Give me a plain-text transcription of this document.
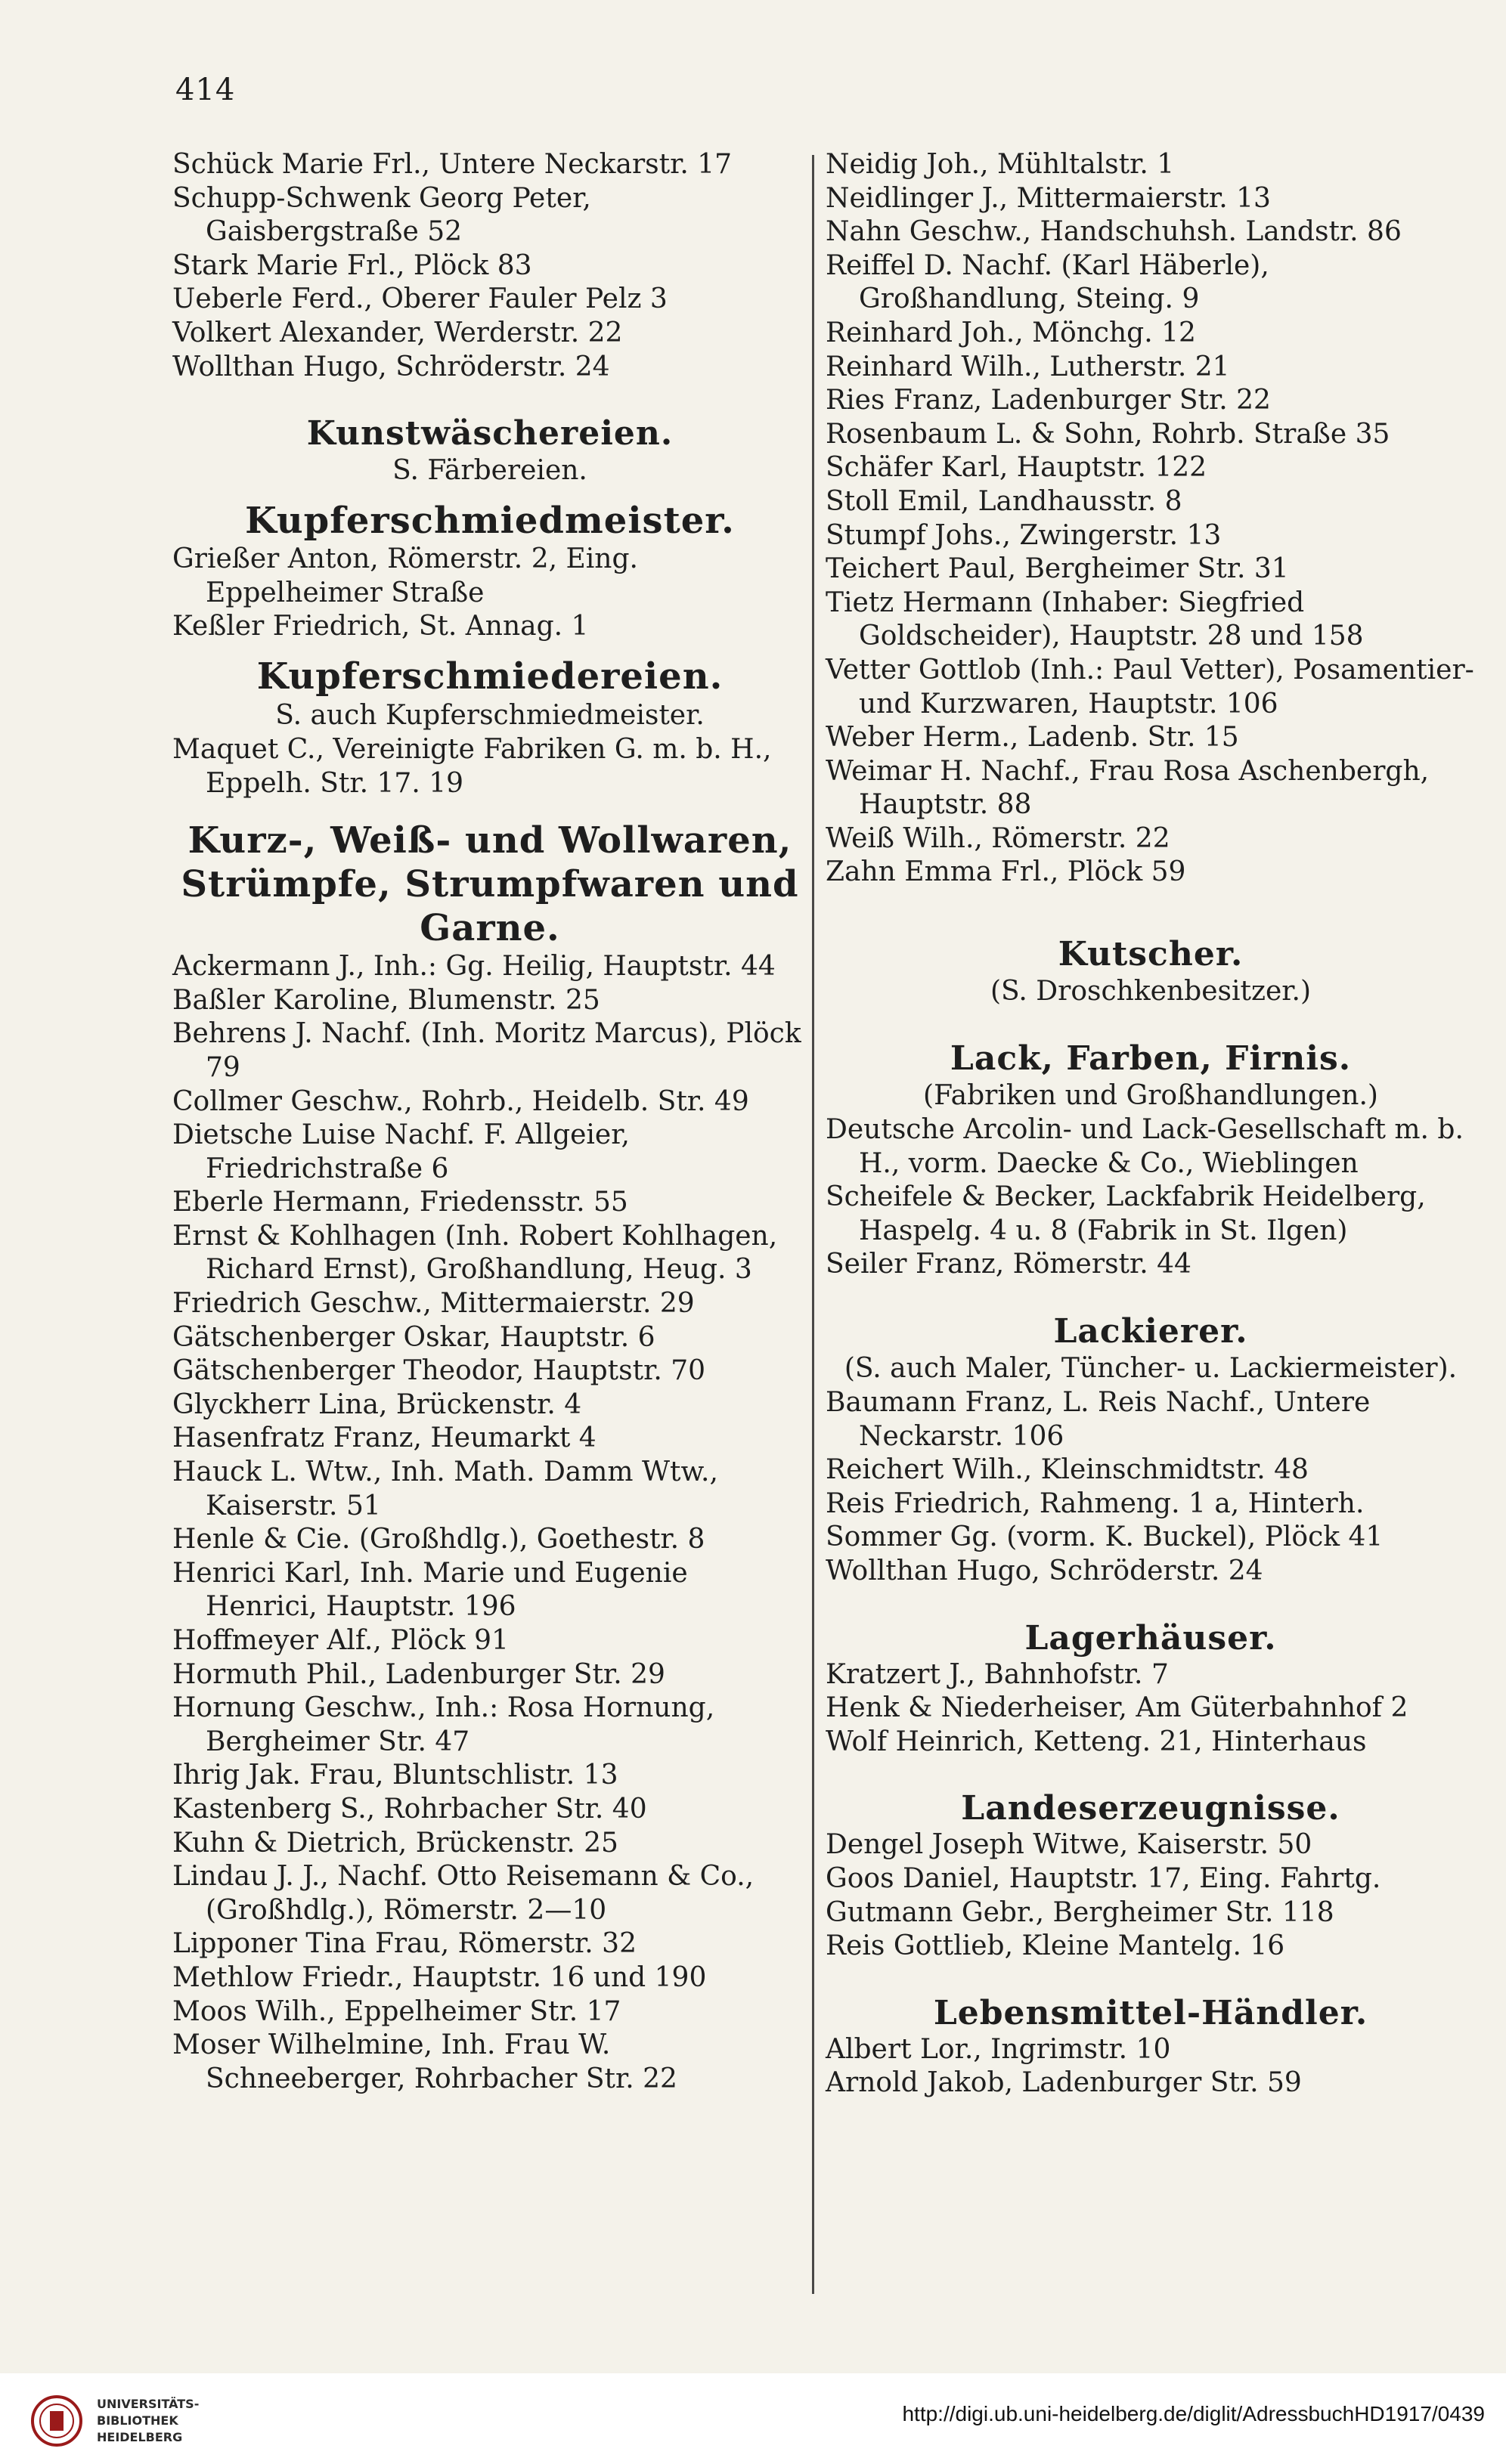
414
Schück Marie Frl., Untere Neckarstr. 17
Schupp-Schwenk Georg Peter, Gaisbergstraße 52
Stark Marie Frl., Plöck 83
Ueberle Ferd., Oberer Fauler Pelz 3
Volkert Alexander, Werderstr. 22
Wollthan Hugo, Schröderstr. 24
Kunstwäschereien.
S. Färbereien.
Kupferschmiedmeister.
Grießer Anton, Römerstr. 2, Eing. Eppelheimer Straße
Keßler Friedrich, St. Annag. 1
Kupferschmiedereien.
S. auch Kupferschmiedmeister.
Maquet C., Vereinigte Fabriken G. m. b. H., Eppelh. Str. 17. 19
Kurz-, Weiß- und Wollwaren, Strümpfe, Strumpfwaren und Garne.
Ackermann J., Inh.: Gg. Heilig, Hauptstr. 44
Baßler Karoline, Blumenstr. 25
Behrens J. Nachf. (Inh. Moritz Marcus), Plöck 79
Collmer Geschw., Rohrb., Heidelb. Str. 49
Dietsche Luise Nachf. F. Allgeier, Friedrichstraße 6
Eberle Hermann, Friedensstr. 55
Ernst & Kohlhagen (Inh. Robert Kohlhagen, Richard Ernst), Großhandlung, Heug. 3
Friedrich Geschw., Mittermaierstr. 29
Gätschenberger Oskar, Hauptstr. 6
Gätschenberger Theodor, Hauptstr. 70
Glyckherr Lina, Brückenstr. 4
Hasenfratz Franz, Heumarkt 4
Hauck L. Wtw., Inh. Math. Damm Wtw., Kaiserstr. 51
Henle & Cie. (Großhdlg.), Goethestr. 8
Henrici Karl, Inh. Marie und Eugenie Henrici, Hauptstr. 196
Hoffmeyer Alf., Plöck 91
Hormuth Phil., Ladenburger Str. 29
Hornung Geschw., Inh.: Rosa Hornung, Bergheimer Str. 47
Ihrig Jak. Frau, Bluntschlistr. 13
Kastenberg S., Rohrbacher Str. 40
Kuhn & Dietrich, Brückenstr. 25
Lindau J. J., Nachf. Otto Reisemann & Co., (Großhdlg.), Römerstr. 2—10
Lipponer Tina Frau, Römerstr. 32
Methlow Friedr., Hauptstr. 16 und 190
Moos Wilh., Eppelheimer Str. 17
Moser Wilhelmine, Inh. Frau W. Schneeberger, Rohrbacher Str. 22
Neidig Joh., Mühltalstr. 1
Neidlinger J., Mittermaierstr. 13
Nahn Geschw., Handschuhsh. Landstr. 86
Reiffel D. Nachf. (Karl Häberle), Großhandlung, Steing. 9
Reinhard Joh., Mönchg. 12
Reinhard Wilh., Lutherstr. 21
Ries Franz, Ladenburger Str. 22
Rosenbaum L. & Sohn, Rohrb. Straße 35
Schäfer Karl, Hauptstr. 122
Stoll Emil, Landhausstr. 8
Stumpf Johs., Zwingerstr. 13
Teichert Paul, Bergheimer Str. 31
Tietz Hermann (Inhaber: Siegfried Goldscheider), Hauptstr. 28 und 158
Vetter Gottlob (Inh.: Paul Vetter), Posamentier- und Kurzwaren, Hauptstr. 106
Weber Herm., Ladenb. Str. 15
Weimar H. Nachf., Frau Rosa Aschenbergh, Hauptstr. 88
Weiß Wilh., Römerstr. 22
Zahn Emma Frl., Plöck 59
Kutscher.
(S. Droschkenbesitzer.)
Lack, Farben, Firnis.
(Fabriken und Großhandlungen.)
Deutsche Arcolin- und Lack-Gesellschaft m. b. H., vorm. Daecke & Co., Wieblingen
Scheifele & Becker, Lackfabrik Heidelberg, Haspelg. 4 u. 8 (Fabrik in St. Ilgen)
Seiler Franz, Römerstr. 44
Lackierer.
(S. auch Maler, Tüncher- u. Lackiermeister).
Baumann Franz, L. Reis Nachf., Untere Neckarstr. 106
Reichert Wilh., Kleinschmidtstr. 48
Reis Friedrich, Rahmeng. 1 a, Hinterh.
Sommer Gg. (vorm. K. Buckel), Plöck 41
Wollthan Hugo, Schröderstr. 24
Lagerhäuser.
Kratzert J., Bahnhofstr. 7
Henk & Niederheiser, Am Güterbahnhof 2
Wolf Heinrich, Ketteng. 21, Hinterhaus
Landeserzeugnisse.
Dengel Joseph Witwe, Kaiserstr. 50
Goos Daniel, Hauptstr. 17, Eing. Fahrtg.
Gutmann Gebr., Bergheimer Str. 118
Reis Gottlieb, Kleine Mantelg. 16
Lebensmittel-Händler.
Albert Lor., Ingrimstr. 10
Arnold Jakob, Ladenburger Str. 59
UNIVERSITÄTS-
BIBLIOTHEK
HEIDELBERG
http://digi.ub.uni-heidelberg.de/diglit/AdressbuchHD1917/0439
